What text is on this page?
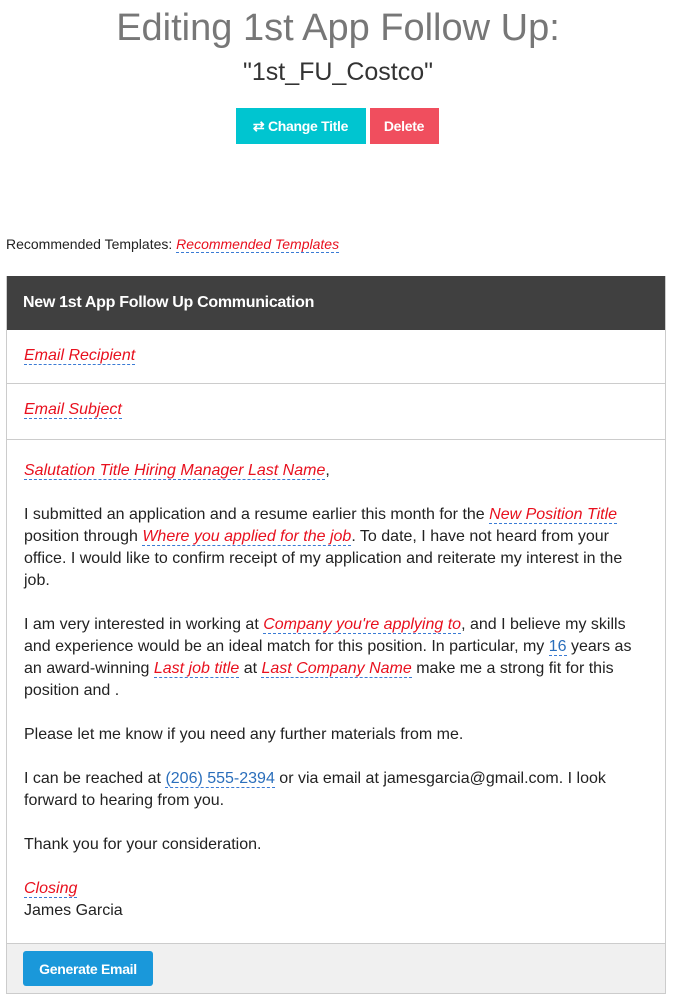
Editing 1st App Follow Up:
"1st_FU_Costco"
⇄ Change Title	Delete
Recommended Templates: Recommended Templates
New 1st App Follow Up Communication
Email Recipient
Email Subject

Salutation Title Hiring Manager Last Name,

I submitted an application and a resume earlier this month for the New Position Title position through Where you applied for the job. To date, I have not heard from your office. I would like to confirm receipt of my application and reiterate my interest in the job.

I am very interested in working at Company you're applying to, and I believe my skills and experience would be an ideal match for this position. In particular, my 16 years as an award-winning Last job title at Last Company Name make me a strong fit for this position and .

Please let me know if you need any further materials from me.

I can be reached at (206) 555-2394 or via email at jamesgarcia@gmail.com. I look forward to hearing from you.

Thank you for your consideration.

Closing
James Garcia
Generate Email
